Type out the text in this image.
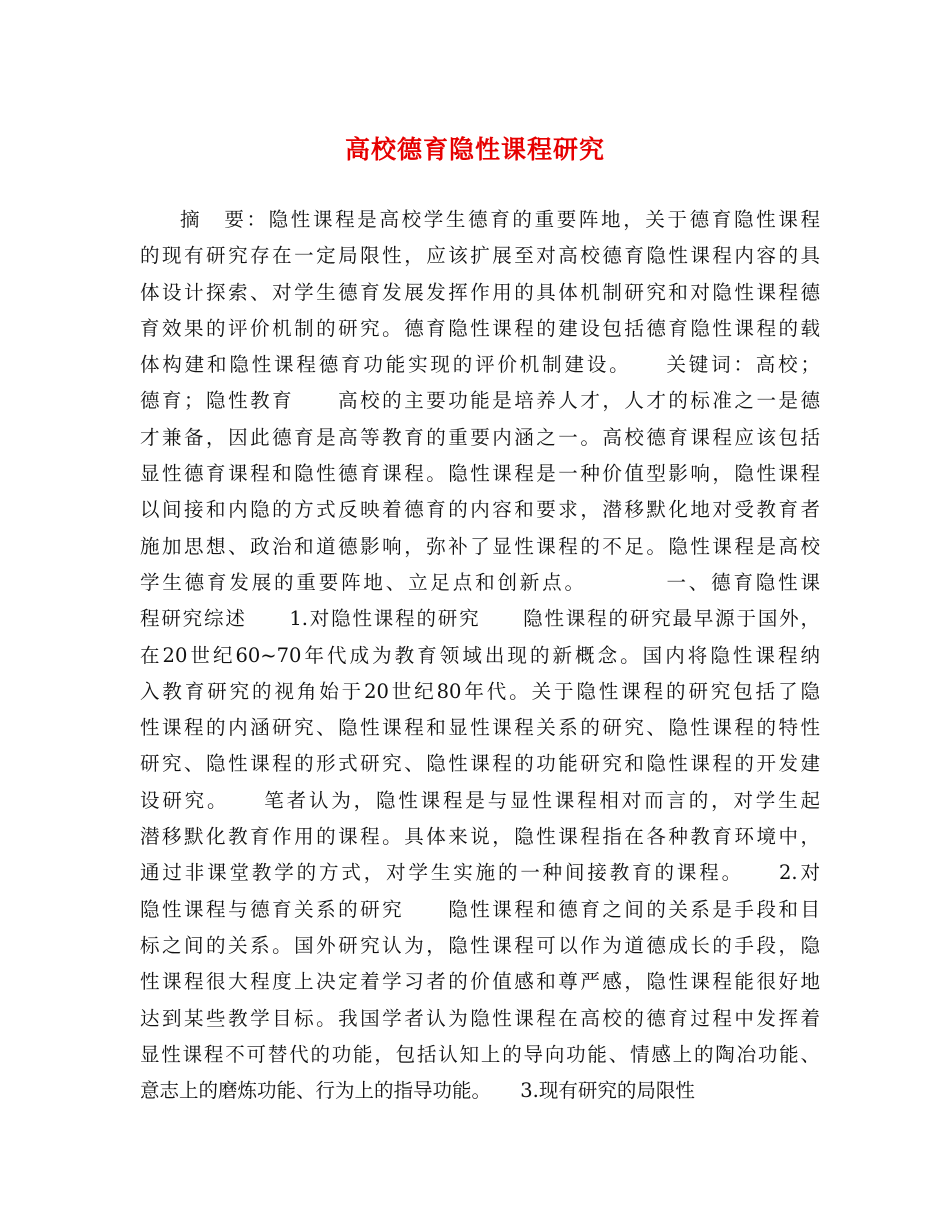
高校德育隐性课程研究
摘　要：隐性课程是高校学生德育的重要阵地，关于德育隐性课程
的现有研究存在一定局限性，应该扩展至对高校德育隐性课程内容的具
体设计探索、对学生德育发展发挥作用的具体机制研究和对隐性课程德
育效果的评价机制的研究。德育隐性课程的建设包括德育隐性课程的载
体构建和隐性课程德育功能实现的评价机制建设。　　关键词：高校；
德育；隐性教育　　高校的主要功能是培养人才，人才的标准之一是德
才兼备，因此德育是高等教育的重要内涵之一。高校德育课程应该包括
显性德育课程和隐性德育课程。隐性课程是一种价值型影响，隐性课程
以间接和内隐的方式反映着德育的内容和要求，潜移默化地对受教育者
施加思想、政治和道德影响，弥补了显性课程的不足。隐性课程是高校
学生德育发展的重要阵地、立足点和创新点。　　　　一、德育隐性课
程研究综述　　1.对隐性课程的研究　　隐性课程的研究最早源于国外，
在20世纪60~70年代成为教育领域出现的新概念。国内将隐性课程纳
入教育研究的视角始于20世纪80年代。关于隐性课程的研究包括了隐
性课程的内涵研究、隐性课程和显性课程关系的研究、隐性课程的特性
研究、隐性课程的形式研究、隐性课程的功能研究和隐性课程的开发建
设研究。　　笔者认为，隐性课程是与显性课程相对而言的，对学生起
潜移默化教育作用的课程。具体来说，隐性课程指在各种教育环境中，
通过非课堂教学的方式，对学生实施的一种间接教育的课程。　　2.对
隐性课程与德育关系的研究　　隐性课程和德育之间的关系是手段和目
标之间的关系。国外研究认为，隐性课程可以作为道德成长的手段，隐
性课程很大程度上决定着学习者的价值感和尊严感，隐性课程能很好地
达到某些教学目标。我国学者认为隐性课程在高校的德育过程中发挥着
显性课程不可替代的功能，包括认知上的导向功能、情感上的陶冶功能、
意志上的磨炼功能、行为上的指导功能。　　3.现有研究的局限性
